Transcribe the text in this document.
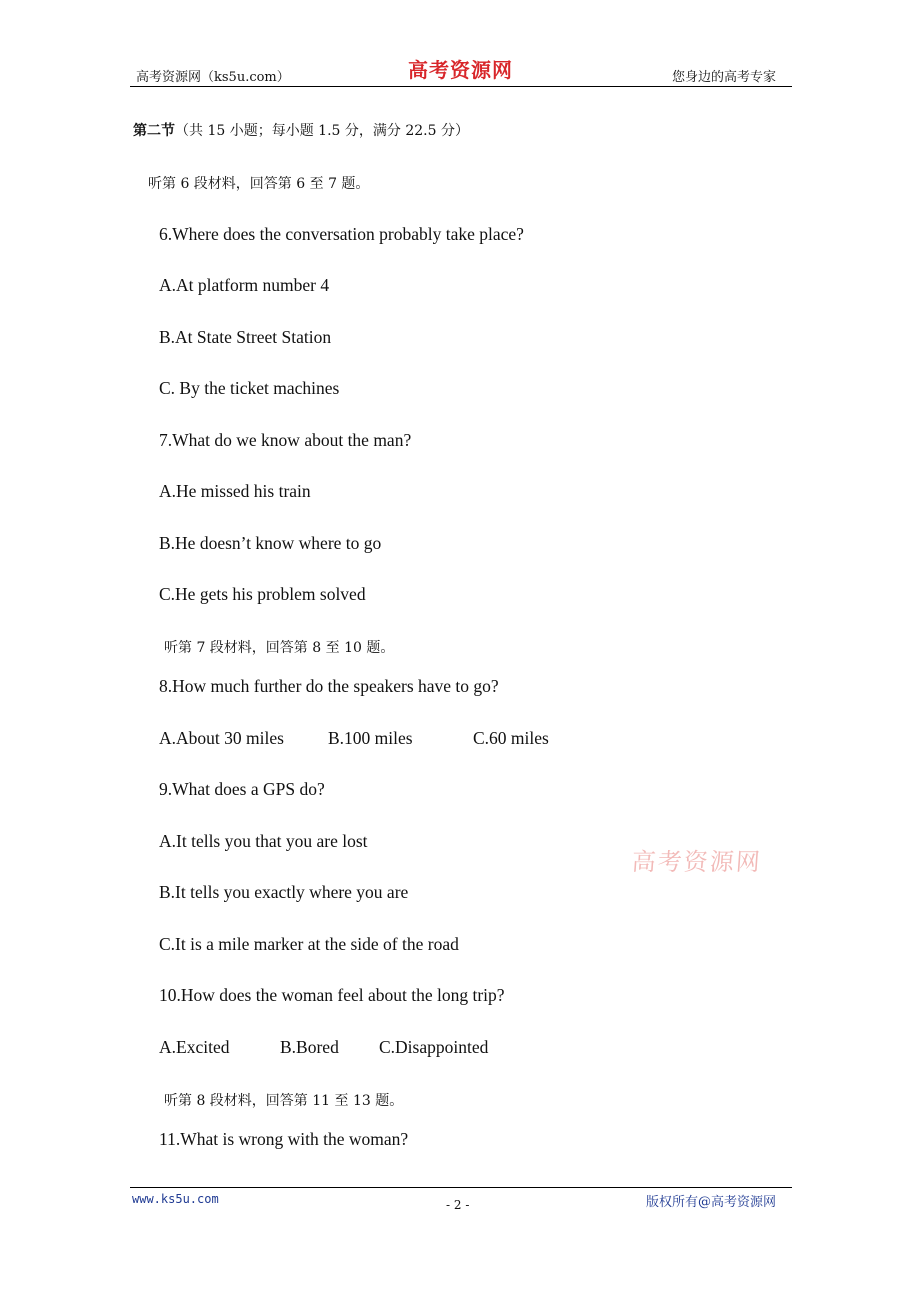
高考资源网（ks5u.com）	高考资源网	您身边的高考专家
第二节（共 15 小题；每小题 1.5 分，满分 22.5 分）
听第 6 段材料，回答第 6 至 7 题。
6.Where does the conversation probably take place?
A.At platform number 4
B.At State Street Station
C. By the ticket machines
7.What do we know about the man?
A.He missed his train
B.He doesn’t know where to go
C.He gets his problem solved
听第 7 段材料，回答第 8 至 10 题。
8.How much further do the speakers have to go?
A.About 30 miles	B.100 miles	C.60 miles
9.What does a GPS do?
A.It tells you that you are lost
B.It tells you exactly where you are
C.It is a mile marker at the side of the road
10.How does the woman feel about the long trip?
A.Excited	B.Bored C.Disappointed
听第 8 段材料，回答第 11 至 13 题。
11.What is wrong with the woman?
高考资源网
www.ks5u.com	- 2 -	版权所有@高考资源网
